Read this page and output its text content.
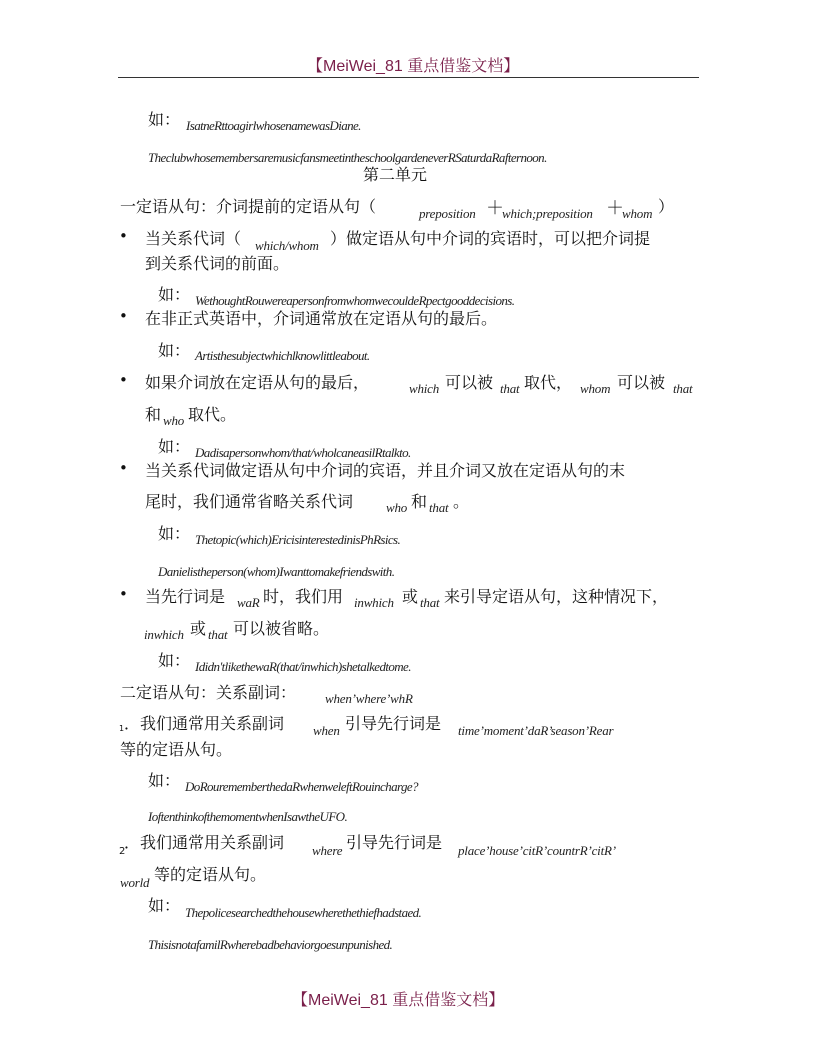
【MeiWei_81 重点借鉴文档】
如： IsatneRttoagirlwhosenamewasDiane.
TheclubwhosemembersaremusicfansmeetintheschoolgardeneverRSaturdaRafternoon.
第二单元
一定语从句：介词提前的定语从句（	preposition ＋
which;preposition ＋
whom ）
• 当关系代词（ which/whom ）做定语从句中介词的宾语时，可以把介词提
到关系代词的前面。
如： WethoughtRouwereapersonfromwhomwecouldeRpectgooddecisions.
• 在非正式英语中，介词通常放在定语从句的最后。
如： Artisthesubjectwhichlknowlittleabout.
• 如果介词放在定语从句的最后，	which 可以被 that 取代， whom 可以被 that
和 who 取代。
如： Dadisapersonwhom/that/wholcaneasilRtalkto.
• 当关系代词做定语从句中介词的宾语，并且介词又放在定语从句的末
尾时，我们通常省略关系代词	who 和 that 。
如： Thetopic(which)EricisinterestedinisPhRsics.
Danielistheperson(whom)Iwanttomakefriendswith.
• 当先行词是 waR 时，我们用 inwhich 或 that 来引导定语从句，这种情况下，
inwhich 或 that 可以被省略。
如： Ididn'tlikethewaR(that/inwhich)shetalkedtome.
二定语从句：关系副词： when’where’whR
1 ．我们通常用关系副词 when 引导先行词是 time’moment’daR’season’Rear
等的定语从句。
如： DoRourememberthedaRwhenweleftRouincharge?
IoftenthinkofthemomentwhenIsawtheUFO.
2
．我们通常用关系副词 where 引导先行词是 place’house’citR’countrR’citR’
world 等的定语从句。
如： Thepolicesearchedthehousewherethethiefhadstaed.
ThisisnotafamilRwherebadbehaviorgoesunpunished.
【MeiWei_81 重点借鉴文档】
